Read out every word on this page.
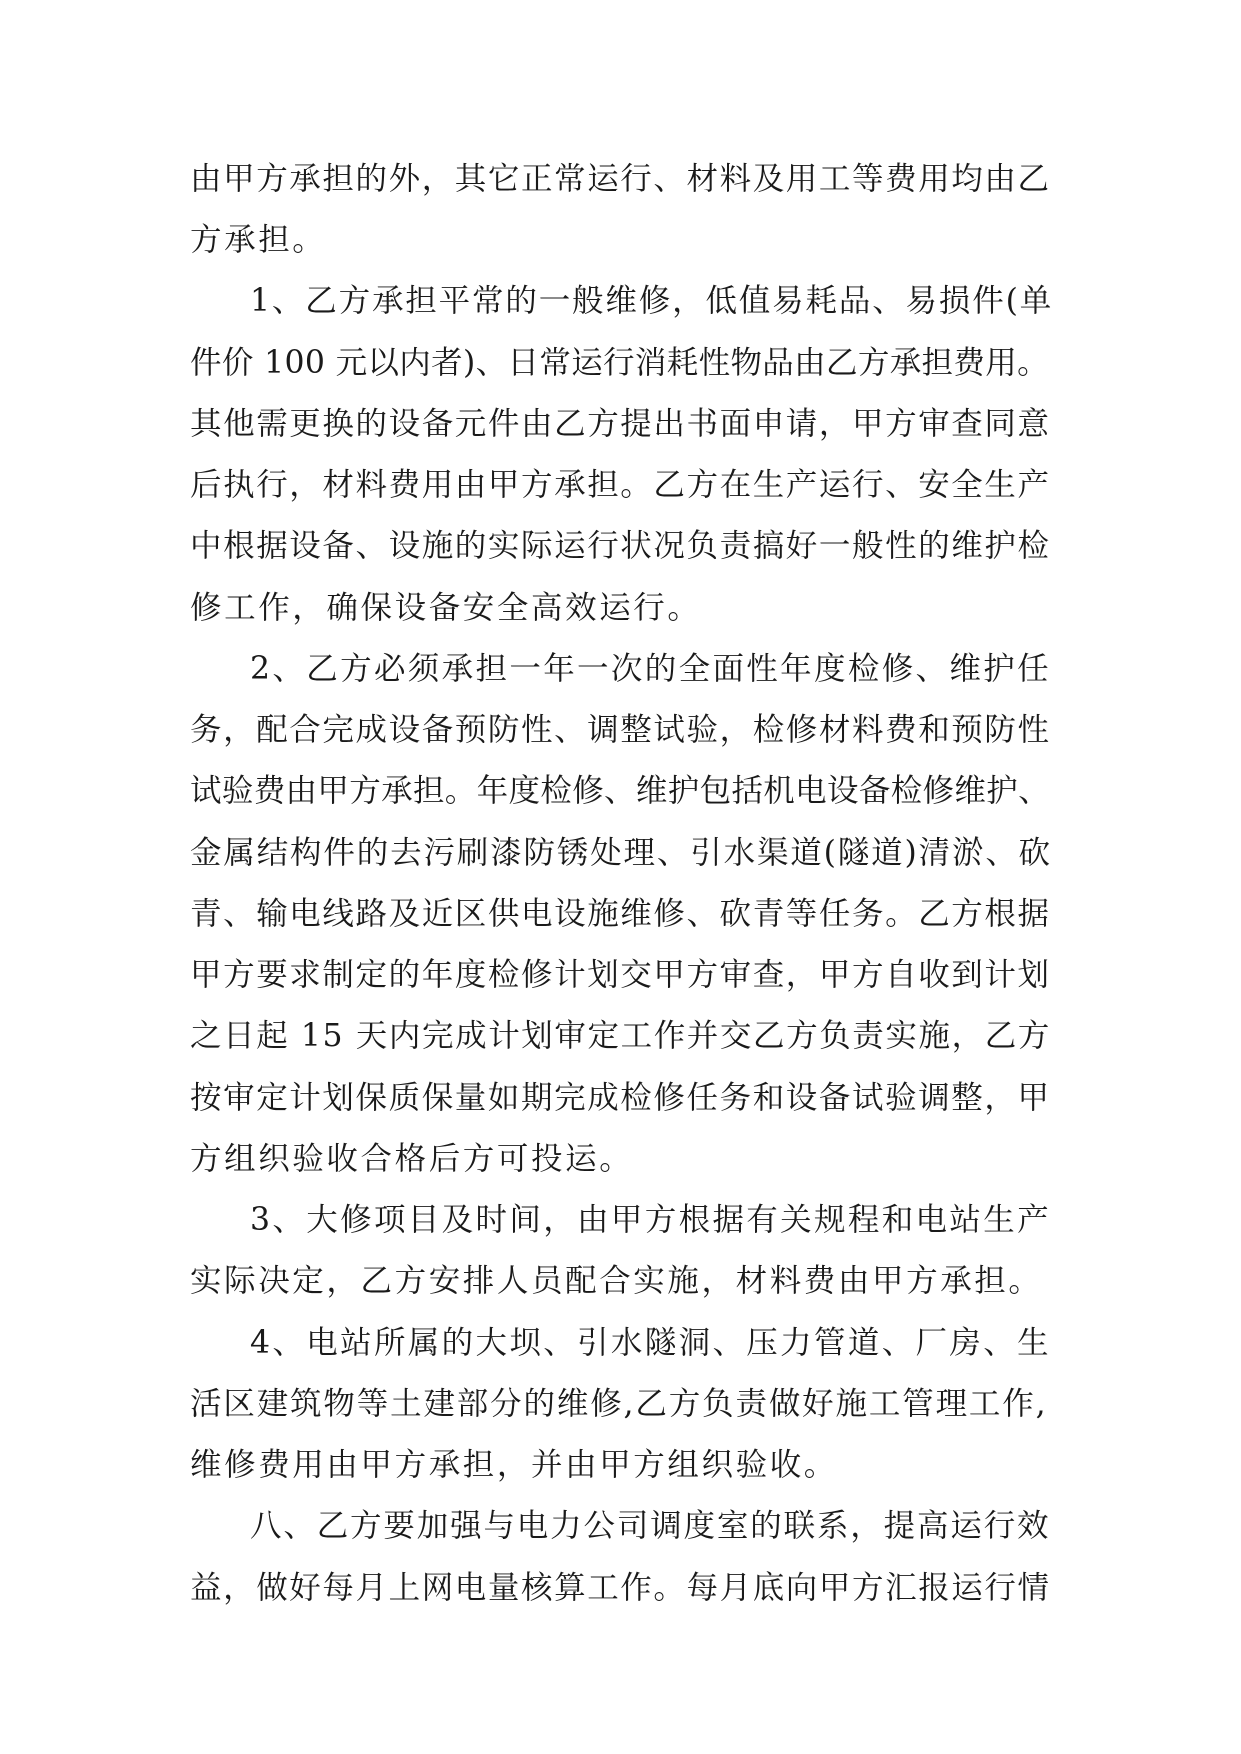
由甲方承担的外，其它正常运行、材料及用工等费用均由乙
方承担。
1、乙方承担平常的一般维修，低值易耗品、易损件(单
件价 100 元以内者)、日常运行消耗性物品由乙方承担费用。
其他需更换的设备元件由乙方提出书面申请，甲方审查同意
后执行，材料费用由甲方承担。乙方在生产运行、安全生产
中根据设备、设施的实际运行状况负责搞好一般性的维护检
修工作，确保设备安全高效运行。
2、乙方必须承担一年一次的全面性年度检修、维护任
务，配合完成设备预防性、调整试验，检修材料费和预防性
试验费由甲方承担。年度检修、维护包括机电设备检修维护、
金属结构件的去污刷漆防锈处理、引水渠道(隧道)清淤、砍
青、输电线路及近区供电设施维修、砍青等任务。乙方根据
甲方要求制定的年度检修计划交甲方审查，甲方自收到计划
之日起 15 天内完成计划审定工作并交乙方负责实施，乙方
按审定计划保质保量如期完成检修任务和设备试验调整，甲
方组织验收合格后方可投运。
3、大修项目及时间，由甲方根据有关规程和电站生产
实际决定，乙方安排人员配合实施，材料费由甲方承担。
4、电站所属的大坝、引水隧洞、压力管道、厂房、生
活区建筑物等土建部分的维修,乙方负责做好施工管理工作,
维修费用由甲方承担，并由甲方组织验收。
八、乙方要加强与电力公司调度室的联系，提高运行效
益，做好每月上网电量核算工作。每月底向甲方汇报运行情
